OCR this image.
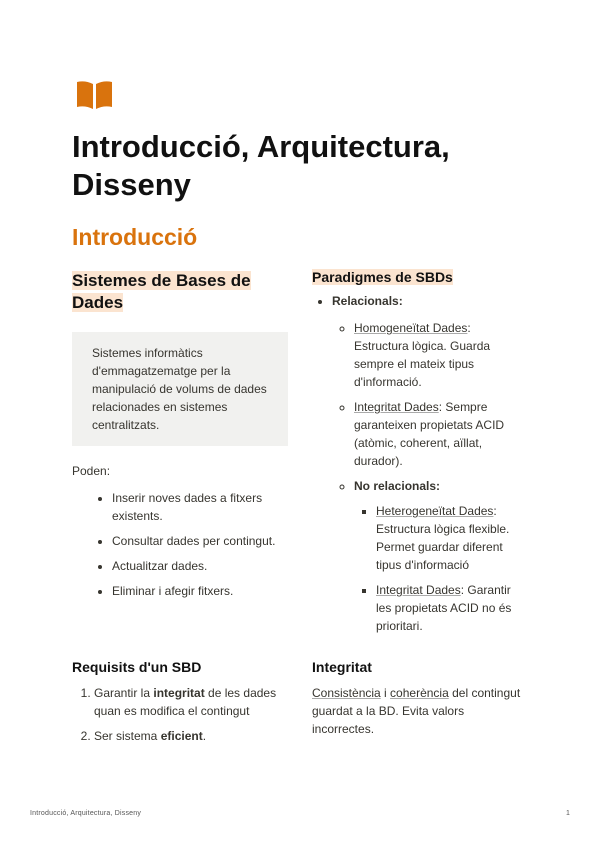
Introducció, Arquitectura, Disseny
Introducció
Sistemes de Bases de Dades
Sistemes informàtics d'emmagatzematge per la manipulació de volums de dades relacionades en sistemes centralitzats.
Poden:
• Inserir noves dades a fitxers existents.
• Consultar dades per contingut.
• Actualitzar dades.
• Eliminar i afegir fitxers.
Paradigmes de SBDs
• Relacionals:
◦ Homogeneïtat Dades: Estructura lògica. Guarda sempre el mateix tipus d'informació.
◦ Integritat Dades: Sempre garanteixen propietats ACID (atòmic, coherent, aïllat, durador).
◦ No relacionals:
▪ Heterogeneïtat Dades: Estructura lògica flexible. Permet guardar diferent tipus d'informació
▪ Integritat Dades: Garantir les propietats ACID no és prioritari.
Requisits d'un SBD
1. Garantir la integritat de les dades quan es modifica el contingut
2. Ser sistema eficient.
Integritat
Consistència i coherència del contingut guardat a la BD. Evita valors incorrectes.
Introducció, Arquitectura, Disseny	1
